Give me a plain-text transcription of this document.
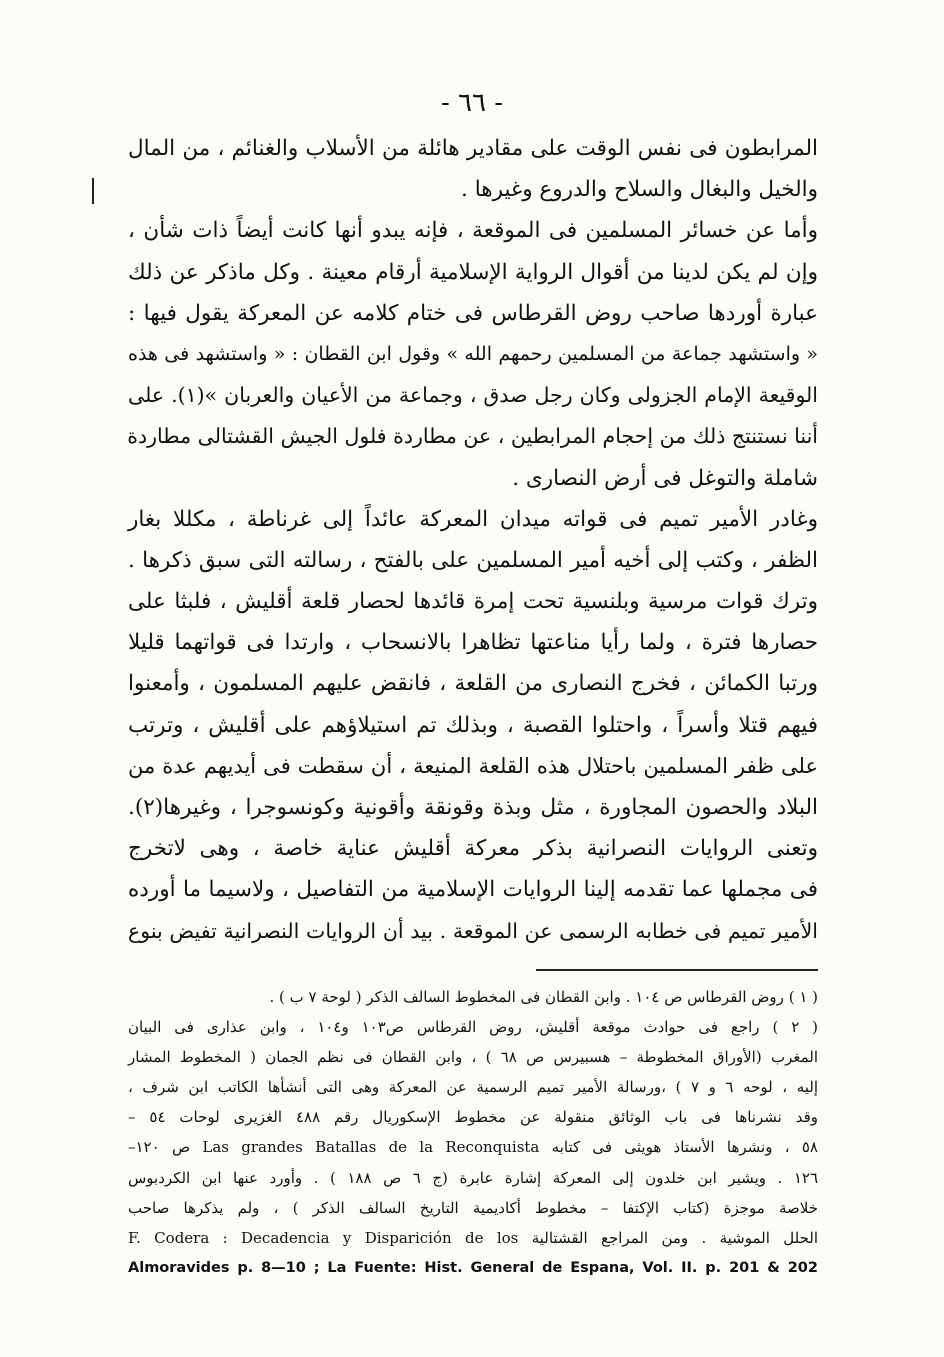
- ٦٦ -
المرابطون فى نفس الوقت على مقادير هائلة من الأسلاب والغنائم ، من المال
والخيل والبغال والسلاح والدروع وغيرها .
وأما عن خسائر المسلمين فى الموقعة ، فإنه يبدو أنها كانت أيضاً ذات شأن ،
وإن لم يكن لدينا من أقوال الرواية الإسلامية أرقام معينة . وكل ماذكر عن ذلك
عبارة أوردها صاحب روض القرطاس فى ختام كلامه عن المعركة يقول فيها :
« واستشهد جماعة من المسلمين رحمهم الله » وقول ابن القطان : « واستشهد فى هذه
الوقيعة الإمام الجزولى وكان رجل صدق ، وجماعة من الأعيان والعربان »(١). على
أننا نستنتج ذلك من إحجام المرابطين ، عن مطاردة فلول الجيش القشتالى مطاردة
شاملة والتوغل فى أرض النصارى .
وغادر الأمير تميم فى قواته ميدان المعركة عائداً إلى غرناطة ، مكللا بغار
الظفر ، وكتب إلى أخيه أمير المسلمين على بالفتح ، رسالته التى سبق ذكرها .
وترك قوات مرسية وبلنسية تحت إمرة قائدها لحصار قلعة أقليش ، فلبثا على
حصارها فترة ، ولما رأيا مناعتها تظاهرا بالانسحاب ، وارتدا فى قواتهما قليلا
ورتبا الكمائن ، فخرج النصارى من القلعة ، فانقض عليهم المسلمون ، وأمعنوا
فيهم قتلا وأسراً ، واحتلوا القصبة ، وبذلك تم استيلاؤهم على أقليش ، وترتب
على ظفر المسلمين باحتلال هذه القلعة المنيعة ، أن سقطت فى أيديهم عدة من
البلاد والحصون المجاورة ، مثل وبذة وقونقة وأقونية وكونسوجرا ، وغيرها(٢).
وتعنى الروايات النصرانية بذكر معركة أقليش عناية خاصة ، وهى لاتخرج
فى مجملها عما تقدمه إلينا الروايات الإسلامية من التفاصيل ، ولاسيما ما أورده
الأمير تميم فى خطابه الرسمى عن الموقعة . بيد أن الروايات النصرانية تفيض بنوع
( ١ ) روض القرطاس ص ١٠٤ . وابن القطان فى المخطوط السالف الذكر ( لوحة ٧ ب ) .
( ٢ ) راجع فى حوادث موقعة أقليش، روض القرطاس ص١٠٣ و١٠٤ ، وابن عذارى فى البيان
المغرب (الأوراق المخطوطة – هسبيرس ص ٦٨ ) ، وابن القطان فى نظم الجمان ( المخطوط المشار
إليه ، لوحه ٦ و ٧ ) ،ورسالة الأمير تميم الرسمية عن المعركة وهى التى أنشأها الكاتب ابن شرف ،
وقد نشرناها فى باب الوثائق منقولة عن مخطوط الإسكوريال رقم ٤٨٨ الغزيرى لوحات ٥٤ –
٥٨ ، ونشرها الأستاذ هويثى فى كتابه Las grandes Batallas de la Reconquista ص ١٢٠–
١٢٦ . ويشير ابن خلدون إلى المعركة إشارة عابرة (ج ٦ ص ١٨٨ ) . وأورد عنها ابن الكردبوس
خلاصة موجزة (كتاب الإكتفا – مخطوط أكاديمية التاريخ السالف الذكر ) ، ولم يذكرها صاحب
الحلل الموشية . ومن المراجع القشتالية F. Codera : Decadencia y Disparición de los
Almoravides p. 8—10 ; La Fuente: Hist. General de Espana, Vol. II. p. 201 & 202
